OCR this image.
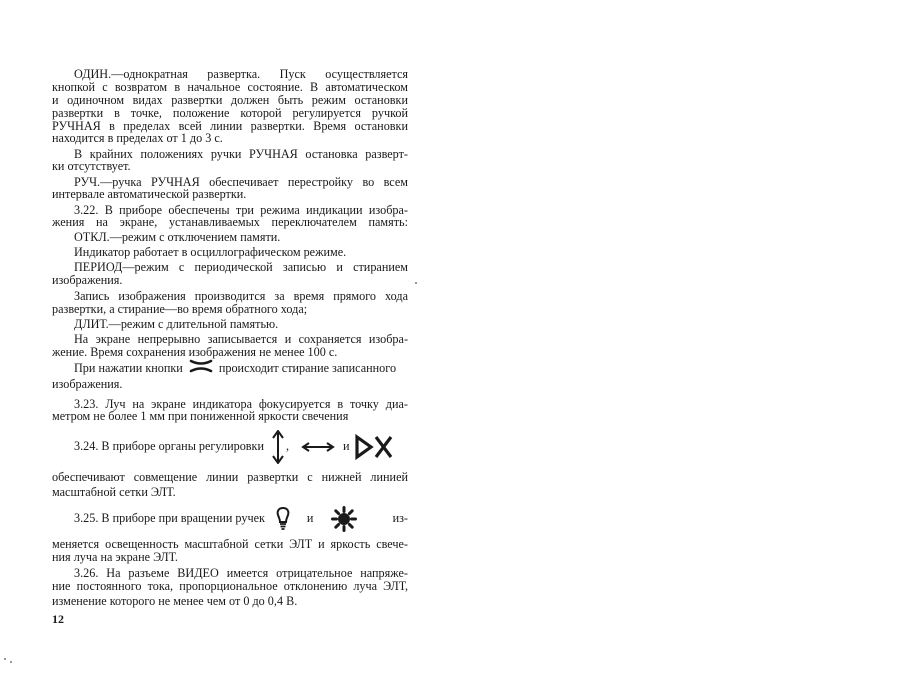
ОДИН.—однократная развертка. Пуск осуществляется
кнопкой с возвратом в начальное состояние. В автоматическом
и одиночном видах развертки должен быть режим остановки
развертки в точке, положение которой регулируется ручкой
РУЧНАЯ в пределах всей линии развертки. Время остановки
находится в пределах от 1 до 3 с.
В крайних положениях ручки РУЧНАЯ остановка разверт-
ки отсутствует.
РУЧ.—ручка РУЧНАЯ обеспечивает перестройку во всем
интервале автоматической развертки.
3.22. В приборе обеспечены три режима индикации изобра-
жения на экране, устанавливаемых переключателем память:
ОТКЛ.—режим с отключением памяти.
Индикатор работает в осциллографическом режиме.
ПЕРИОД—режим с периодической записью и стиранием
изображения.
Запись изображения производится за время прямого хода
развертки, а стирание—во время обратного хода;
ДЛИТ.—режим с длительной памятью.
На экране непрерывно записывается и сохраняется изобра-
жение. Время сохранения изображения не менее 100 с.
При нажатии кнопки	происходит стирание записанного
изображения.
3.23. Луч на экране индикатора фокусируется в точку диа-
метром не более 1 мм при пониженной яркости свечения
3.24. В приборе органы регулировки ,	и
обеспечивают совмещение линии развертки с нижней линией
масштабной сетки ЭЛТ.
3.25. В приборе при вращении ручек	и	из-
меняется освещенность масштабной сетки ЭЛТ и яркость свече-
ния луча на экране ЭЛТ.
3.26. На разъеме ВИДЕО имеется отрицательное напряже-
ние постоянного тока, пропорциональное отклонению луча ЭЛТ,
изменение которого не менее чем от 0 до 0,4 В.
12
